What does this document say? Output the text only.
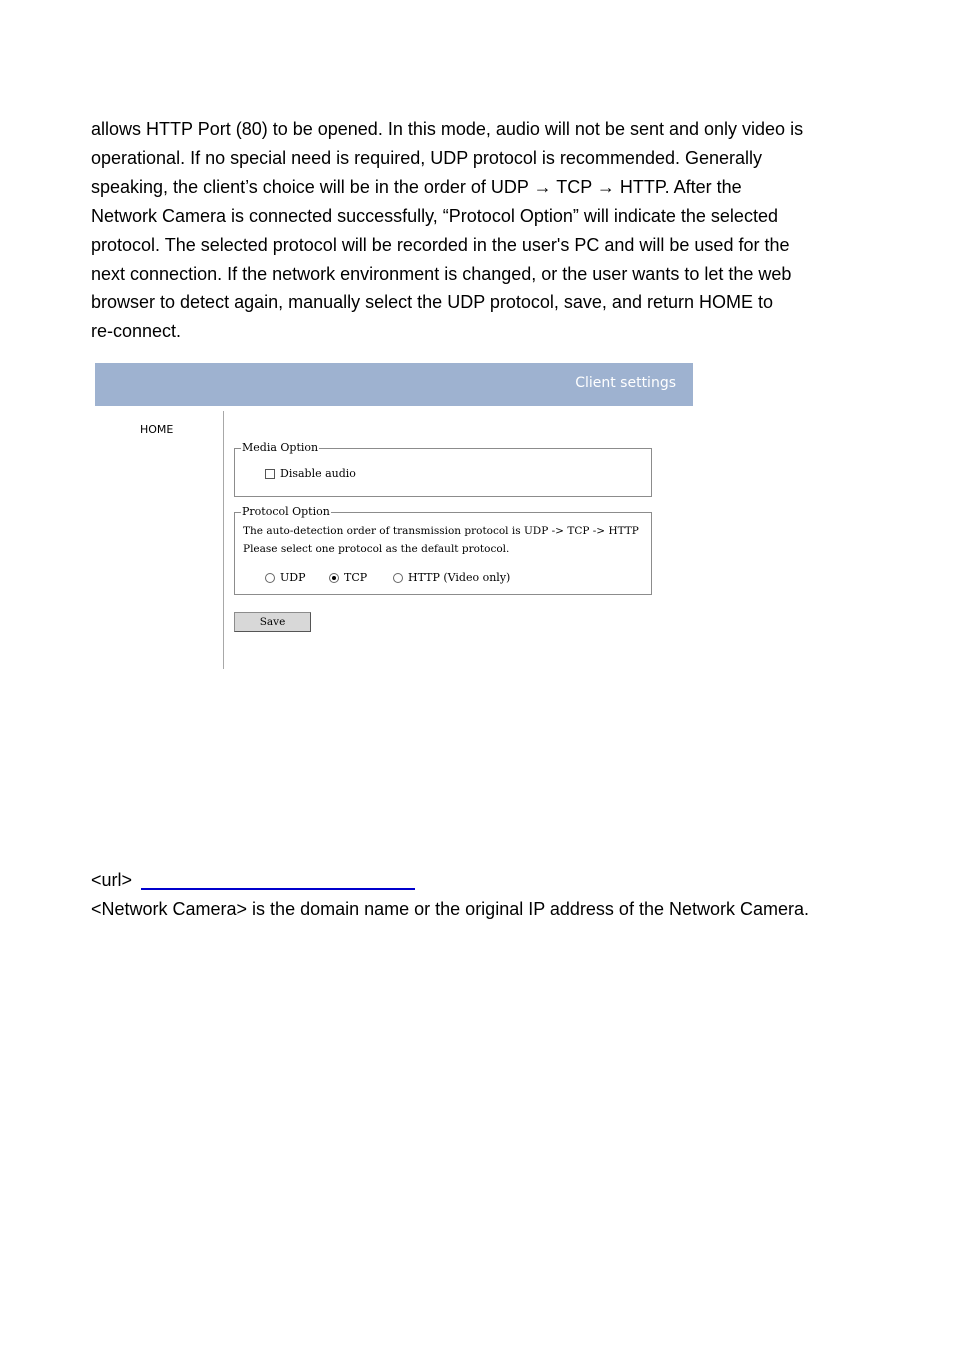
allows HTTP Port (80) to be opened. In this mode, audio will not be sent and only video is
operational. If no special need is required, UDP protocol is recommended. Generally
speaking, the client’s choice will be in the order of UDP → TCP → HTTP. After the
Network Camera is connected successfully, “Protocol Option” will indicate the selected
protocol. The selected protocol will be recorded in the user's PC and will be used for the
next connection. If the network environment is changed, or the user wants to let the web
browser to detect again, manually select the UDP protocol, save, and return HOME to
re-connect.
Client settings
HOME
Media Option
Disable audio
Protocol Option
The auto-detection order of transmission protocol is UDP -> TCP -> HTTP
Please select one protocol as the default protocol.
UDP	TCP	HTTP (Video only)
Save
<url>
<Network Camera> is the domain name or the original IP address of the Network Camera.
